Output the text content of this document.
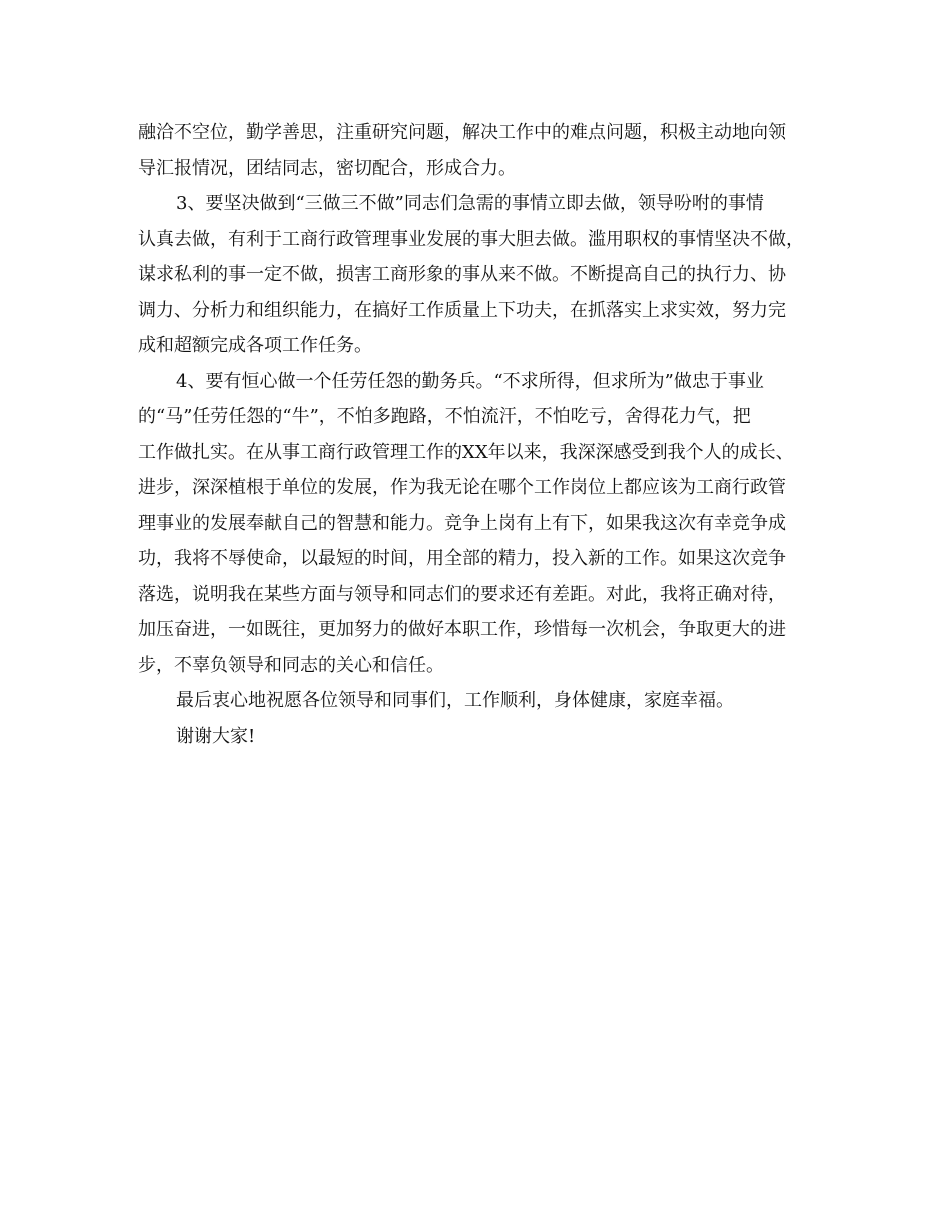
融洽不空位，勤学善思，注重研究问题，解决工作中的难点问题，积极主动地向领
导汇报情况，团结同志，密切配合，形成合力。
3、要坚决做到“三做三不做”同志们急需的事情立即去做，领导吩咐的事情
认真去做，有利于工商行政管理事业发展的事大胆去做。滥用职权的事情坚决不做，
谋求私利的事一定不做，损害工商形象的事从来不做。不断提高自己的执行力、协
调力、分析力和组织能力，在搞好工作质量上下功夫，在抓落实上求实效，努力完
成和超额完成各项工作任务。
4、要有恒心做一个任劳任怨的勤务兵。“不求所得，但求所为”做忠于事业
的“马”任劳任怨的“牛”，不怕多跑路，不怕流汗，不怕吃亏，舍得花力气，把
工作做扎实。在从事工商行政管理工作的XX年以来，我深深感受到我个人的成长、
进步，深深植根于单位的发展，作为我无论在哪个工作岗位上都应该为工商行政管
理事业的发展奉献自己的智慧和能力。竞争上岗有上有下，如果我这次有幸竞争成
功，我将不辱使命，以最短的时间，用全部的精力，投入新的工作。如果这次竞争
落选，说明我在某些方面与领导和同志们的要求还有差距。对此，我将正确对待，
加压奋进，一如既往，更加努力的做好本职工作，珍惜每一次机会，争取更大的进
步，不辜负领导和同志的关心和信任。
最后衷心地祝愿各位领导和同事们，工作顺利，身体健康，家庭幸福。
谢谢大家!
